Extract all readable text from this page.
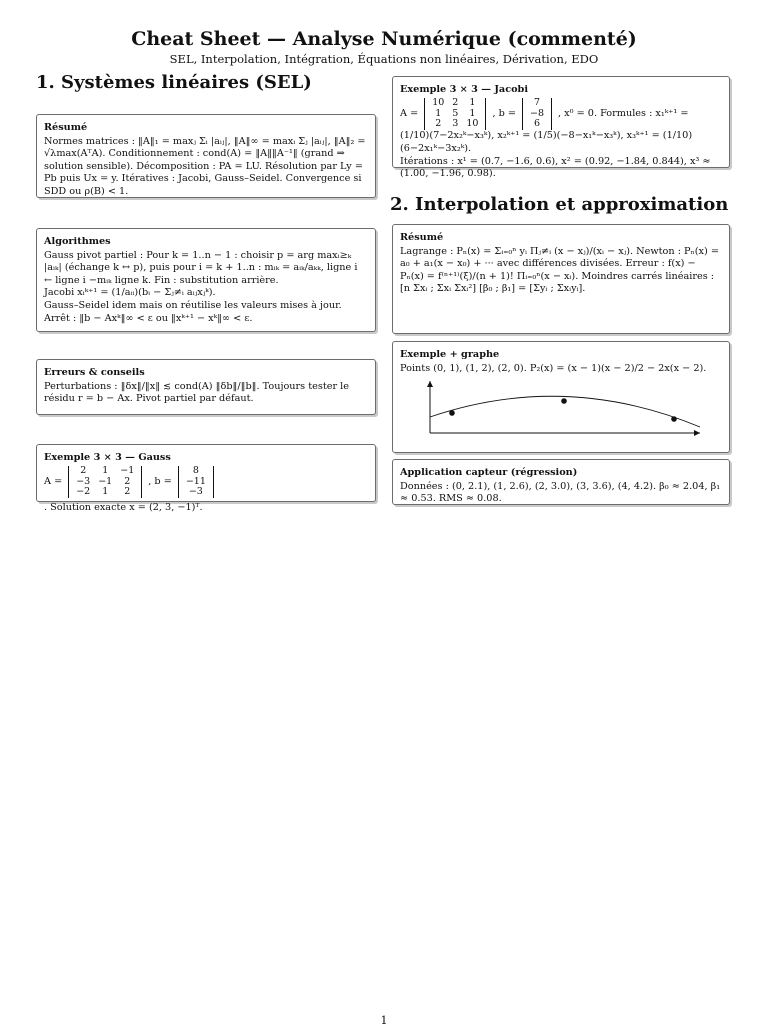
Cheat Sheet — Analyse Numérique (commenté)
SEL, Interpolation, Intégration, Équations non linéaires, Dérivation, EDO
1. Systèmes linéaires (SEL)
Résumé

Normes matrices : ‖A‖₁ = maxⱼ Σᵢ |aᵢⱼ|, ‖A‖∞ = maxᵢ Σⱼ |aᵢⱼ|, ‖A‖₂ = √λmax(AᵀA). Conditionnement : cond(A) = ‖A‖‖A⁻¹‖ (grand ⇒ solution sensible). Décomposition : PA = LU. Résolution par Ly = Pb puis Ux = y. Itératives : Jacobi, Gauss–Seidel. Convergence si SDD ou ρ(B) < 1.

Algorithmes

Gauss pivot partiel : Pour k = 1..n − 1 : choisir p = arg maxᵢ≥ₖ |aᵢₖ| (échange k ↔ p), puis pour i = k + 1..n : mᵢₖ = aᵢₖ/aₖₖ, ligne i ← ligne i −mᵢₖ ligne k. Fin : substitution arrière.

Jacobi xᵢᵏ⁺¹ = (1/aᵢᵢ)(bᵢ − Σⱼ≠ᵢ aᵢⱼxⱼᵏ).

Gauss–Seidel idem mais on réutilise les valeurs mises à jour. Arrêt : ‖b − Axᵏ‖∞ < ε ou ‖xᵏ⁺¹ − xᵏ‖∞ < ε.

Erreurs & conseils

Perturbations : ‖δx‖/‖x‖ ≲ cond(A) ‖δb‖/‖b‖. Toujours tester le résidu r = b − Ax. Pivot partiel par défaut.

Exemple 3 × 3 — Gauss
A =
2	1	−1
−3	−1	2
−2	1	2
, b =
8
−11
−3
. Solution exacte x = (2, 3, −1)ᵀ.
Exemple 3 × 3 — Jacobi
A =
10	2	1
1	5	1
2	3	10
, b =
7
−8
6
, x⁰ = 0. Formules : x₁ᵏ⁺¹ =

(1/10)(7−2x₂ᵏ−x₃ᵏ), x₂ᵏ⁺¹ = (1/5)(−8−x₁ᵏ−x₃ᵏ), x₃ᵏ⁺¹ = (1/10)(6−2x₁ᵏ−3x₂ᵏ).

Itérations : x¹ = (0.7, −1.6, 0.6), x² = (0.92, −1.84, 0.844), x³ ≈ (1.00, −1.96, 0.98).

2. Interpolation et approximation
Résumé

Lagrange : Pₙ(x) = Σᵢ₌₀ⁿ yᵢ Πⱼ≠ᵢ (x − xⱼ)/(xᵢ − xⱼ). Newton : Pₙ(x) = a₀ + a₁(x − x₀) + ··· avec différences divisées. Erreur : f(x) − Pₙ(x) = f⁽ⁿ⁺¹⁾(ξ)/(n + 1)! Πᵢ₌₀ⁿ(x − xᵢ). Moindres carrés linéaires :

[n Σxᵢ ; Σxᵢ Σxᵢ²] [β₀ ; β₁] = [Σyᵢ ; Σxᵢyᵢ].

Exemple + graphe

Points (0, 1), (1, 2), (2, 0). P₂(x) = (x − 1)(x − 2)/2 − 2x(x − 2).

Application capteur (régression)

Données : (0, 2.1), (1, 2.6), (2, 3.0), (3, 3.6), (4, 4.2). β₀ ≈ 2.04, β₁ ≈ 0.53. RMS ≈ 0.08.

1
